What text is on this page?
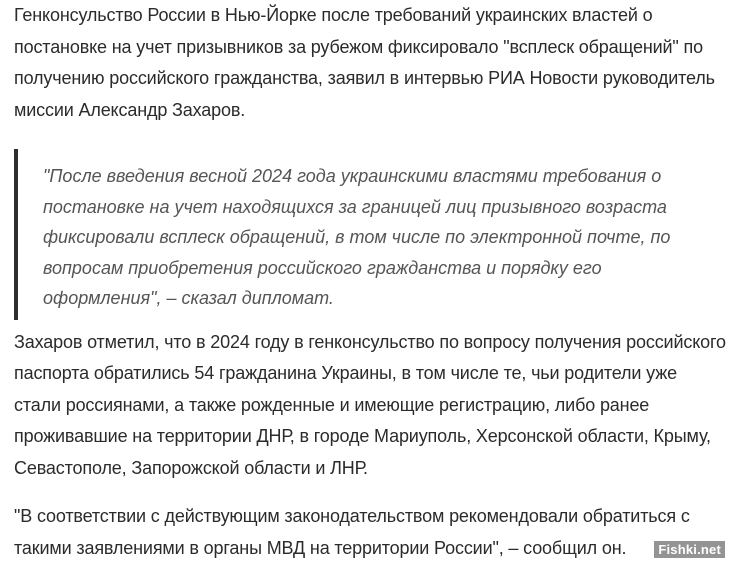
Генконсульство России в Нью-Йорке после требований украинских властей о постановке на учет призывников за рубежом фиксировало "всплеск обращений" по получению российского гражданства, заявил в интервью РИА Новости руководитель миссии Александр Захаров.

"После введения весной 2024 года украинскими властями требования о постановке на учет находящихся за границей лиц призывного возраста фиксировали всплеск обращений, в том числе по электронной почте, по вопросам приобретения российского гражданства и порядку его оформления", – сказал дипломат.

Захаров отметил, что в 2024 году в генконсульство по вопросу получения российского паспорта обратились 54 гражданина Украины, в том числе те, чьи родители уже стали россиянами, а также рожденные и имеющие регистрацию, либо ранее проживавшие на территории ДНР, в городе Мариуполь, Херсонской области, Крыму, Севастополе, Запорожской области и ЛНР.

"В соответствии с действующим законодательством рекомендовали обратиться с такими заявлениями в органы МВД на территории России", – сообщил он.	Fishki.net
